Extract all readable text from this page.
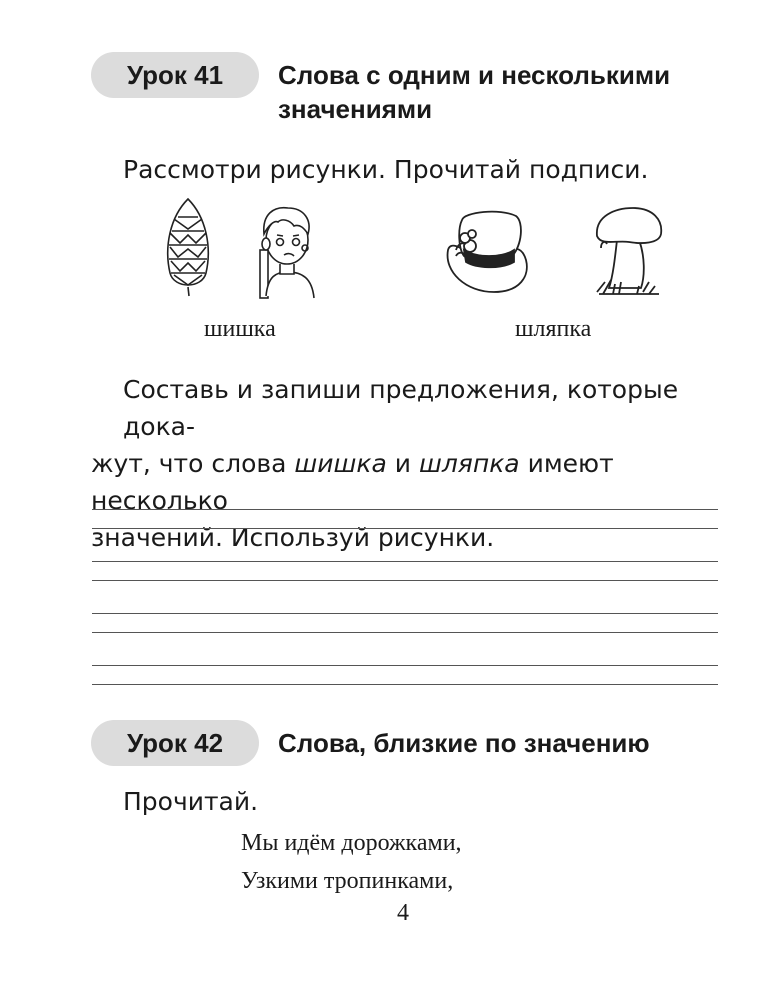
Урок 41	Слова с одним и несколькими
значениями
Рассмотри рисунки. Прочитай подписи.
шишка	шляпка
Составь и запиши предложения, которые дока-
жут, что слова шишка и шляпка имеют несколько
значений. Используй рисунки.
Урок 42	Слова, близкие по значению
Прочитай.
Мы идём дорожками,
Узкими тропинками,
4
